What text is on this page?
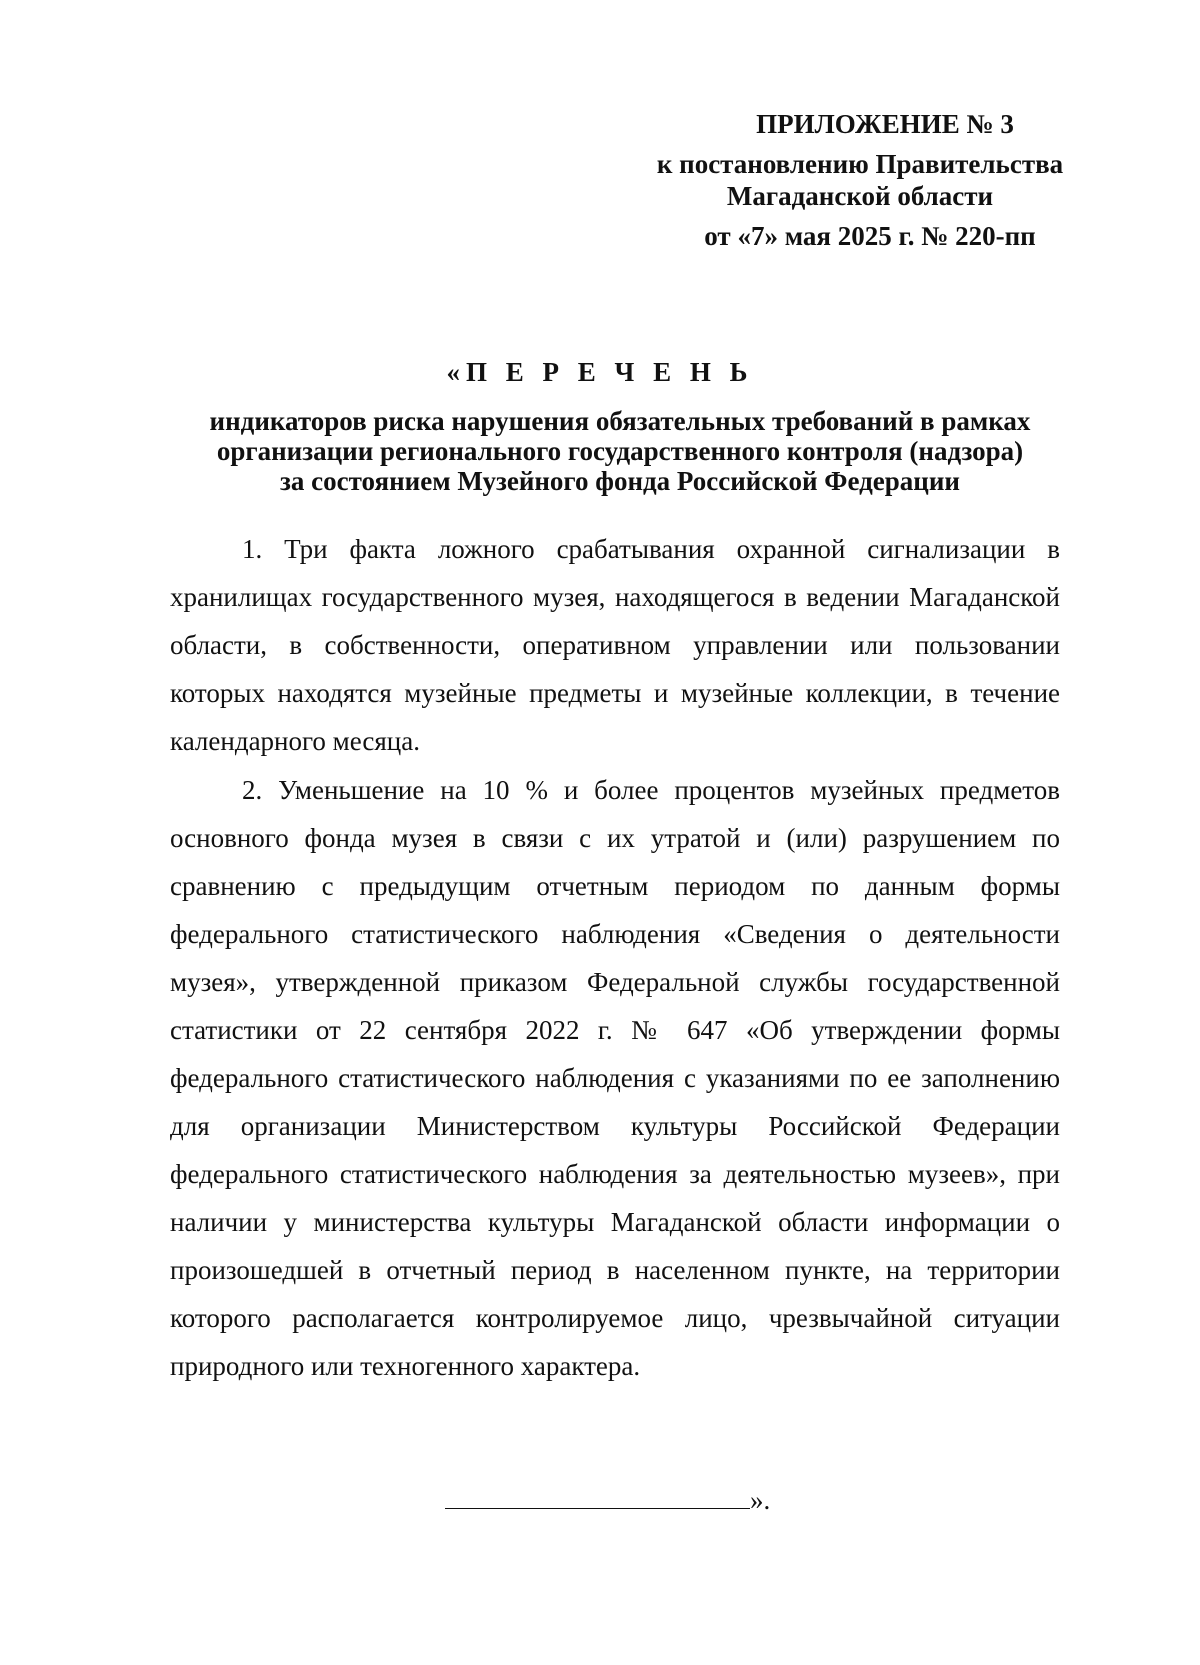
ПРИЛОЖЕНИЕ № 3
к постановлению Правительства
Магаданской области
от «7» мая 2025 г. № 220-пп
«П Е Р Е Ч Е Н Ь
индикаторов риска нарушения обязательных требований в рамках
организации регионального государственного контроля (надзора)
за состоянием Музейного фонда Российской Федерации

1. Три факта ложного срабатывания охранной сигнализации в хранилищах государственного музея, находящегося в ведении Магаданской области, в собственности, оперативном управлении или пользовании которых находятся музейные предметы и музейные коллекции, в течение календарного месяца.

2. Уменьшение на 10 % и более процентов музейных предметов основного фонда музея в связи с их утратой и (или) разрушением по сравнению с предыдущим отчетным периодом по данным формы федерального статистического наблюдения «Сведения о деятельности музея», утвержденной приказом Федеральной службы государственной статистики от 22 сентября 2022 г. № 647 «Об утверждении формы федерального статистического наблюдения с указаниями по ее заполнению для организации Министерством культуры Российской Федерации федерального статистического наблюдения за деятельностью музеев», при наличии у министерства культуры Магаданской области информации о произошедшей в отчетный период в населенном пункте, на территории которого располагается контролируемое лицо, чрезвычайной ситуации природного или техногенного характера.

».
